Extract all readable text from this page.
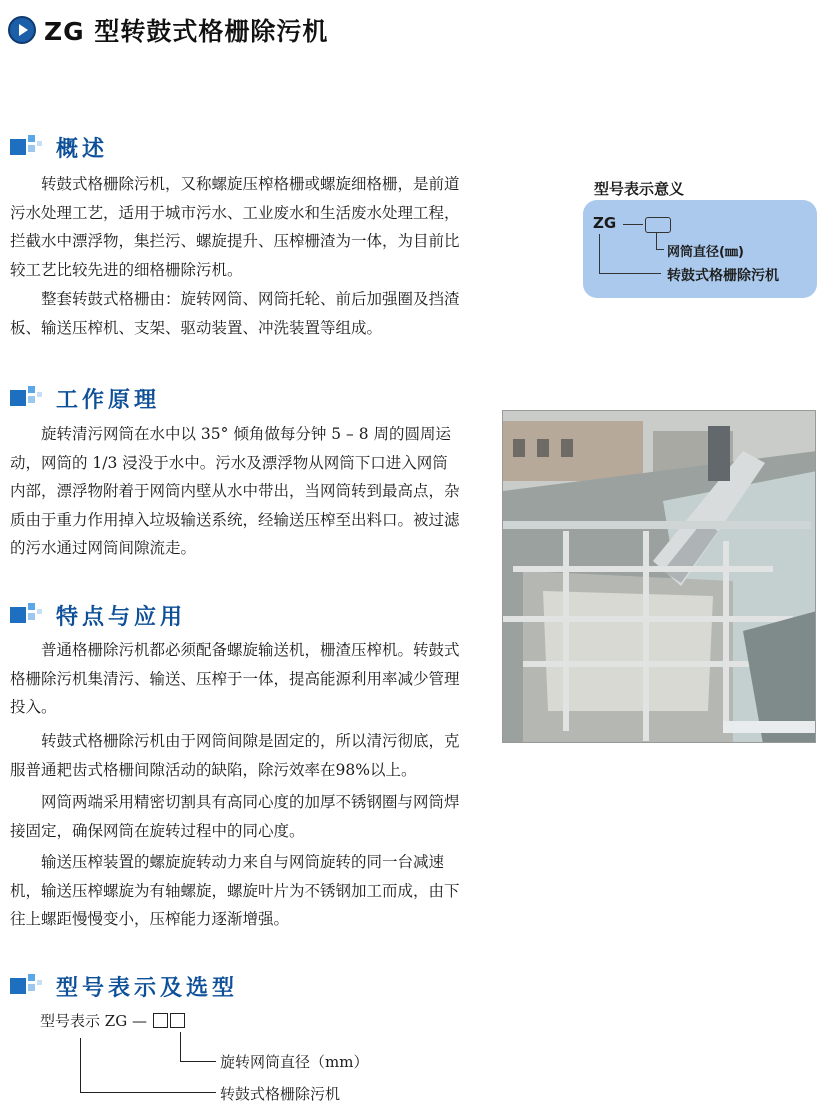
ZG 型转鼓式格栅除污机
概述

转鼓式格栅除污机，又称螺旋压榨格栅或螺旋细格栅，是前道污水处理工艺，适用于城市污水、工业废水和生活废水处理工程，拦截水中漂浮物，集拦污、螺旋提升、压榨栅渣为一体，为目前比较工艺比较先进的细格栅除污机。

整套转鼓式格栅由：旋转网筒、网筒托轮、前后加强圈及挡渣板、输送压榨机、支架、驱动装置、冲洗装置等组成。

型号表示意义
ZG
网筒直径(㎜)
转鼓式格栅除污机
工作原理

旋转清污网筒在水中以 35° 倾角做每分钟 5 – 8 周的圆周运动，网筒的 1/3 浸没于水中。污水及漂浮物从网筒下口进入网筒内部，漂浮物附着于网筒内壁从水中带出，当网筒转到最高点，杂质由于重力作用掉入垃圾输送系统，经输送压榨至出料口。被过滤的污水通过网筒间隙流走。

特点与应用

普通格栅除污机都必须配备螺旋输送机，栅渣压榨机。转鼓式格栅除污机集清污、输送、压榨于一体，提高能源利用率减少管理投入。

转鼓式格栅除污机由于网筒间隙是固定的，所以清污彻底，克服普通耙齿式格栅间隙活动的缺陷，除污效率在98%以上。

网筒两端采用精密切割具有高同心度的加厚不锈钢圈与网筒焊接固定，确保网筒在旋转过程中的同心度。

输送压榨装置的螺旋旋转动力来自与网筒旋转的同一台减速机，输送压榨螺旋为有轴螺旋，螺旋叶片为不锈钢加工而成，由下往上螺距慢慢变小，压榨能力逐渐增强。

型号表示及选型
型号表示 ZG —
旋转网筒直径（mm）
转鼓式格栅除污机
